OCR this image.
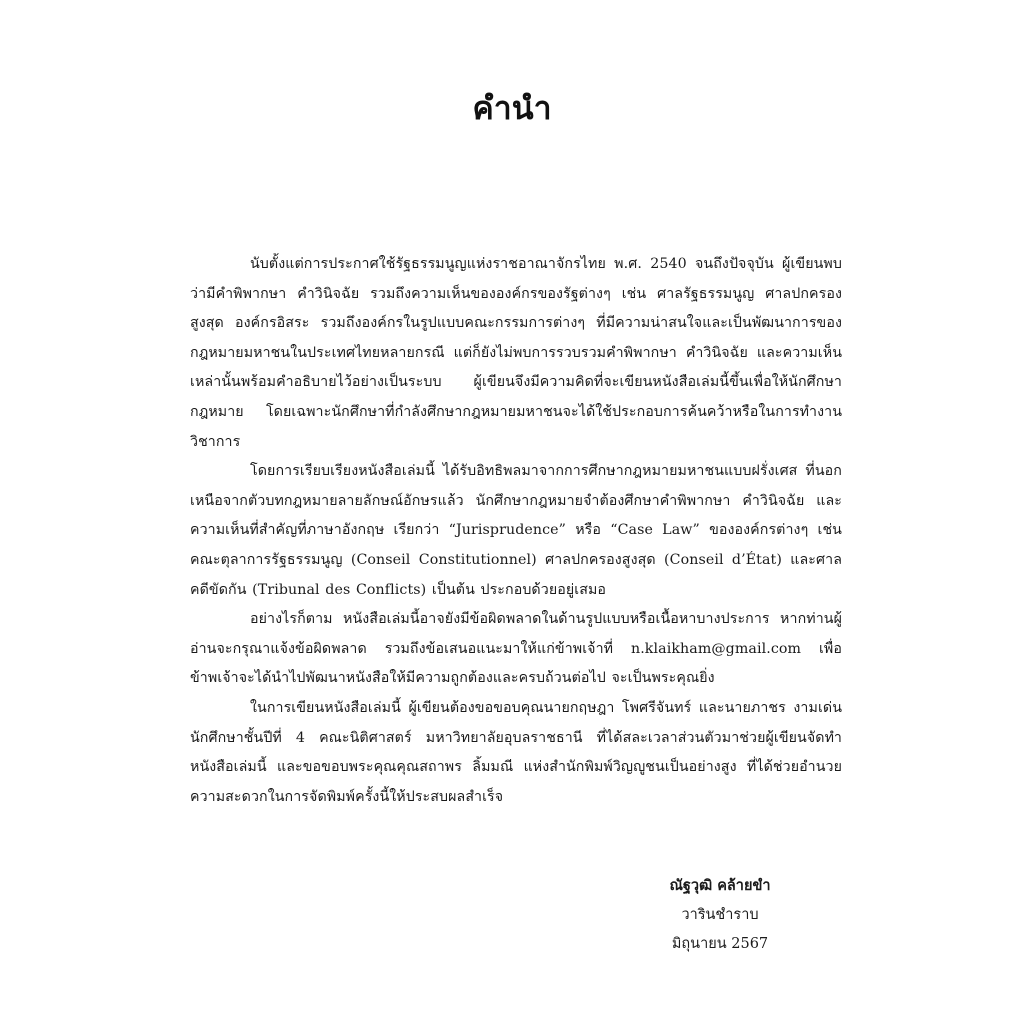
คำนำ

นับตั้งแต่การประกาศใช้รัฐธรรมนูญแห่งราชอาณาจักรไทย พ.ศ. 2540 จนถึงปัจจุบัน ผู้เขียนพบว่ามีคำพิพากษา คำวินิจฉัย รวมถึงความเห็นขององค์กรของรัฐต่างๆ เช่น ศาลรัฐธรรมนูญ ศาลปกครองสูงสุด องค์กรอิสระ รวมถึงองค์กรในรูปแบบคณะกรรมการต่างๆ ที่มีความน่าสนใจและเป็นพัฒนาการของกฎหมายมหาชนในประเทศไทยหลายกรณี แต่ก็ยังไม่พบการรวบรวมคำพิพากษา คำวินิจฉัย และความเห็นเหล่านั้นพร้อมคำอธิบายไว้อย่างเป็นระบบ ผู้เขียนจึงมีความคิดที่จะเขียนหนังสือเล่มนี้ขึ้นเพื่อให้นักศึกษากฎหมาย โดยเฉพาะนักศึกษาที่กำลังศึกษากฎหมายมหาชนจะได้ใช้ประกอบการค้นคว้าหรือในการทำงานวิชาการ

โดยการเรียบเรียงหนังสือเล่มนี้ ได้รับอิทธิพลมาจากการศึกษากฎหมายมหาชนแบบฝรั่งเศส ที่นอกเหนือจากตัวบทกฎหมายลายลักษณ์อักษรแล้ว นักศึกษากฎหมายจำต้องศึกษาคำพิพากษา คำวินิจฉัย และความเห็นที่สำคัญที่ภาษาอังกฤษ เรียกว่า “Jurisprudence” หรือ “Case Law” ขององค์กรต่างๆ เช่น คณะตุลาการรัฐธรรมนูญ (Conseil Constitutionnel) ศาลปกครองสูงสุด (Conseil d’État) และศาลคดีขัดกัน (Tribunal des Conflicts) เป็นต้น ประกอบด้วยอยู่เสมอ

อย่างไรก็ตาม หนังสือเล่มนี้อาจยังมีข้อผิดพลาดในด้านรูปแบบหรือเนื้อหาบางประการ หากท่านผู้อ่านจะกรุณาแจ้งข้อผิดพลาด รวมถึงข้อเสนอแนะมาให้แก่ข้าพเจ้าที่ n.klaikham@gmail.com เพื่อข้าพเจ้าจะได้นำไปพัฒนาหนังสือให้มีความถูกต้องและครบถ้วนต่อไป จะเป็นพระคุณยิ่ง

ในการเขียนหนังสือเล่มนี้ ผู้เขียนต้องขอขอบคุณนายกฤษฎา โพศรีจันทร์ และนายภาชร งามเด่น นักศึกษาชั้นปีที่ 4 คณะนิติศาสตร์ มหาวิทยาลัยอุบลราชธานี ที่ได้สละเวลาส่วนตัวมาช่วยผู้เขียนจัดทำหนังสือเล่มนี้ และขอขอบพระคุณคุณสถาพร ลิ้มมณี แห่งสำนักพิมพ์วิญญูชนเป็นอย่างสูง ที่ได้ช่วยอำนวยความสะดวกในการจัดพิมพ์ครั้งนี้ให้ประสบผลสำเร็จ

ณัฐวุฒิ คล้ายขำ
วารินชำราบ
มิถุนายน 2567
